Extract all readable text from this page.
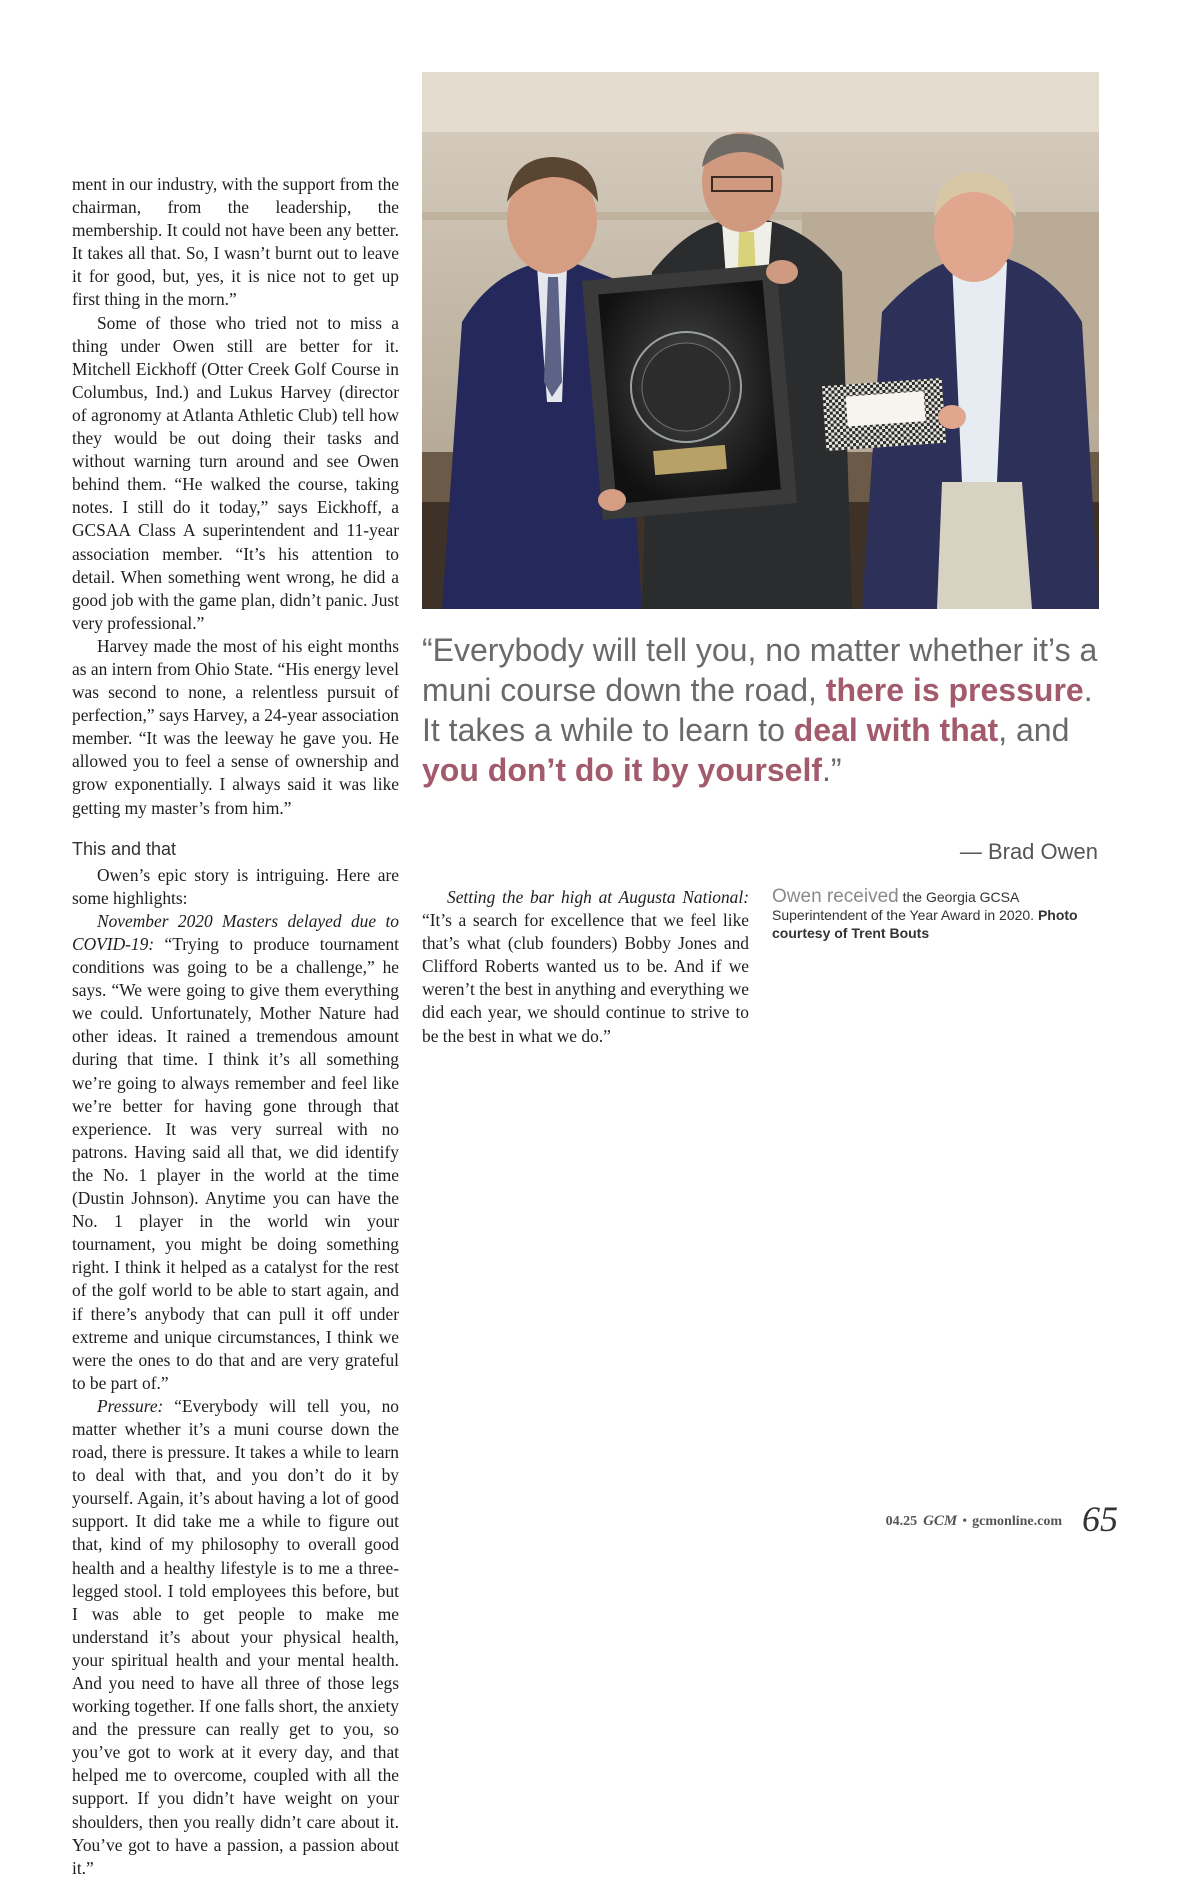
ment in our industry, with the support from the chairman, from the leadership, the membership. It could not have been any better. It takes all that. So, I wasn’t burnt out to leave it for good, but, yes, it is nice not to get up first thing in the morn.”

Some of those who tried not to miss a thing under Owen still are better for it. Mitchell Eickhoff (Otter Creek Golf Course in Columbus, Ind.) and Lukus Harvey (director of agronomy at Atlanta Athletic Club) tell how they would be out doing their tasks and without warning turn around and see Owen behind them. “He walked the course, taking notes. I still do it today,” says Eickhoff, a GCSAA Class A superintendent and 11-year association member. “It’s his attention to detail. When something went wrong, he did a good job with the game plan, didn’t panic. Just very professional.”

Harvey made the most of his eight months as an intern from Ohio State. “His energy level was second to none, a relentless pursuit of perfection,” says Harvey, a 24-year association member. “It was the leeway he gave you. He allowed you to feel a sense of ownership and grow exponentially. I always said it was like getting my master’s from him.”

This and that

Owen’s epic story is intriguing. Here are some highlights:

November 2020 Masters delayed due to COVID-19: “Trying to produce tournament conditions was going to be a challenge,” he says. “We were going to give them everything we could. Unfortunately, Mother Nature had other ideas. It rained a tremendous amount during that time. I think it’s all something we’re going to always remember and feel like we’re better for having gone through that experience. It was very surreal with no patrons. Having said all that, we did identify the No. 1 player in the world at the time (Dustin Johnson). Anytime you can have the No. 1 player in the world win your tournament, you might be doing something right. I think it helped as a catalyst for the rest of the golf world to be able to start again, and if there’s anybody that can pull it off under extreme and unique circumstances, I think we were the ones to do that and are very grateful to be part of.”

Pressure: “Everybody will tell you, no matter whether it’s a muni course down the road, there is pressure. It takes a while to learn to deal with that, and you don’t do it by yourself. Again, it’s about having a lot of good support. It did take me a while to figure out that, kind of my philosophy to overall good health and a healthy lifestyle is to me a three-legged stool. I told employees this before, but I was able to get people to make me understand it’s about your physical health, your spiritual health and your mental health. And you need to have all three of those legs working together. If one falls short, the anxiety and the pressure can really get to you, so you’ve got to work at it every day, and that helped me to overcome, coupled with all the support. If you didn’t have weight on your shoulders, then you really didn’t care about it. You’ve got to have a passion, a passion about it.”

Setting the bar high at Augusta National: “It’s a search for excellence that we feel like that’s what (club founders) Bobby Jones and Clifford Roberts wanted us to be. And if we weren’t the best in anything and everything we did each year, we should continue to strive to be the best in what we do.”

“Everybody will tell you, no matter whether it’s a muni course down the road, there is pressure. It takes a while to learn to deal with that, and you don’t do it by yourself.”

— Brad Owen
Owen received the Georgia GCSA Superintendent of the Year Award in 2020. Photo courtesy of Trent Bouts
04.25 GCM • gcmonline.com 65
